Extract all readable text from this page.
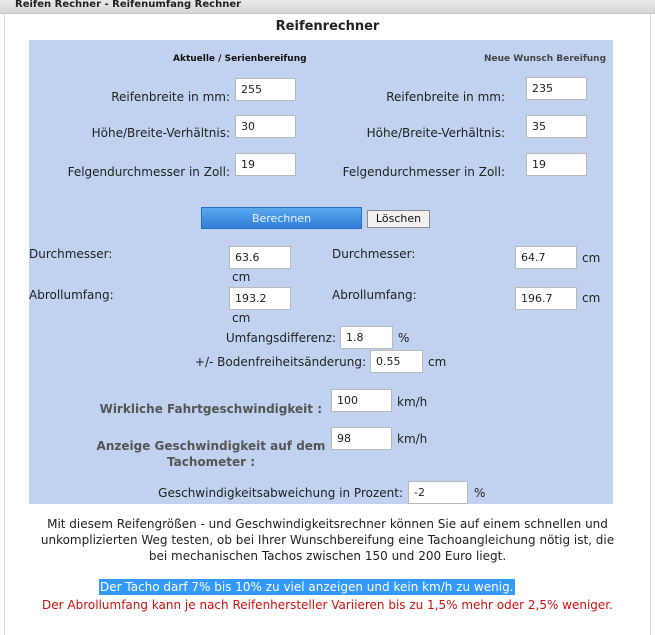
Reifen Rechner - Reifenumfang Rechner
Reifenrechner
Aktuelle / Serienbereifung	Neue Wunsch Bereifung
Reifenbreite in mm:
255
Höhe/Breite-Verhältnis:	30
Felgendurchmesser in Zoll:
19
Reifenbreite in mm:
235
Höhe/Breite-Verhältnis:	35
Felgendurchmesser in Zoll:
19
Berechnen	Löschen
Durchmesser:	63.6
cm
Abrollumfang:	193.2
cm
Durchmesser:	64.7	cm
Abrollumfang:	196.7	cm
Umfangsdifferenz: 1.8	%
+/- Bodenfreiheitsänderung: 0.55	cm
Wirkliche Fahrtgeschwindigkeit :
100	km/h
Anzeige Geschwindigkeit auf dem
Tachometer :
98	km/h
Geschwindigkeitsabweichung in Prozent:	-2	%
Mit diesem Reifengrößen - und Geschwindigkeitsrechner können Sie auf einem schnellen und unkomplizierten Weg testen, ob bei Ihrer Wunschbereifung eine Tachoangleichung nötig ist, die bei mechanischen Tachos zwischen 150 und 200 Euro liegt.
Der Tacho darf 7% bis 10% zu viel anzeigen und kein km/h zu wenig.
Der Abrollumfang kann je nach Reifenhersteller Variieren bis zu 1,5% mehr oder 2,5% weniger.
